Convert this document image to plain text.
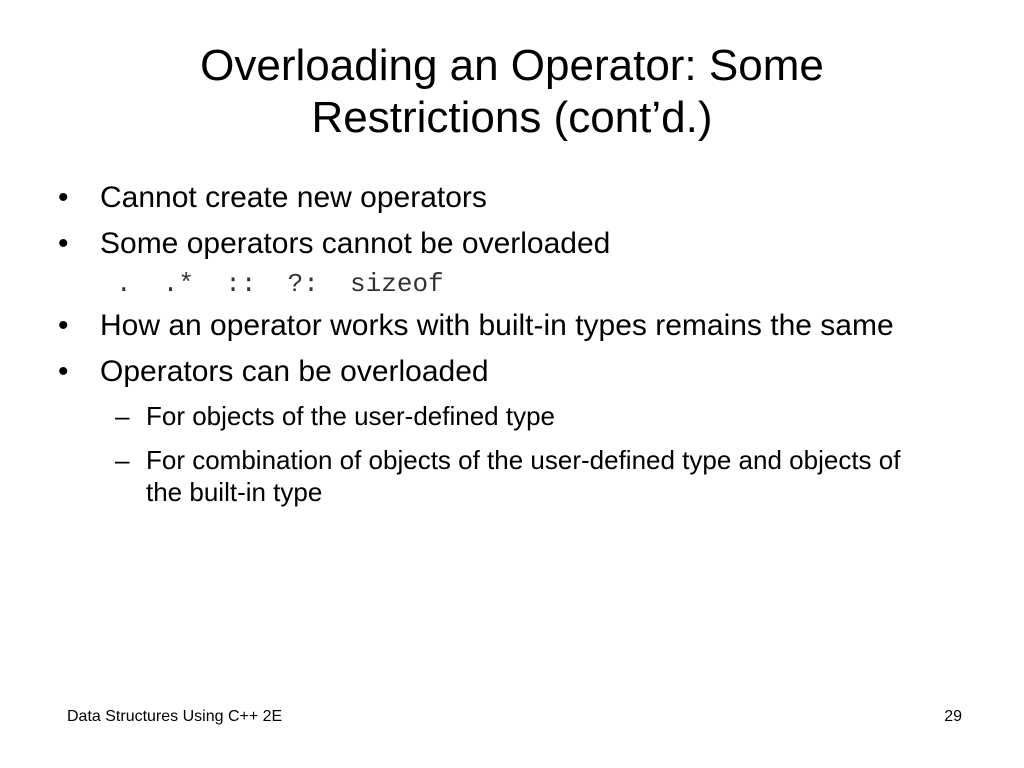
Overloading an Operator: Some
Restrictions (cont’d.)
•	Cannot create new operators
•	Some operators cannot be overloaded
.  .*  ::  ?:  sizeof
•	How an operator works with built-in types remains the same
•	Operators can be overloaded
– For objects of the user-defined type
– For combination of objects of the user-defined type and objects of the built-in type
Data Structures Using C++ 2E	29
